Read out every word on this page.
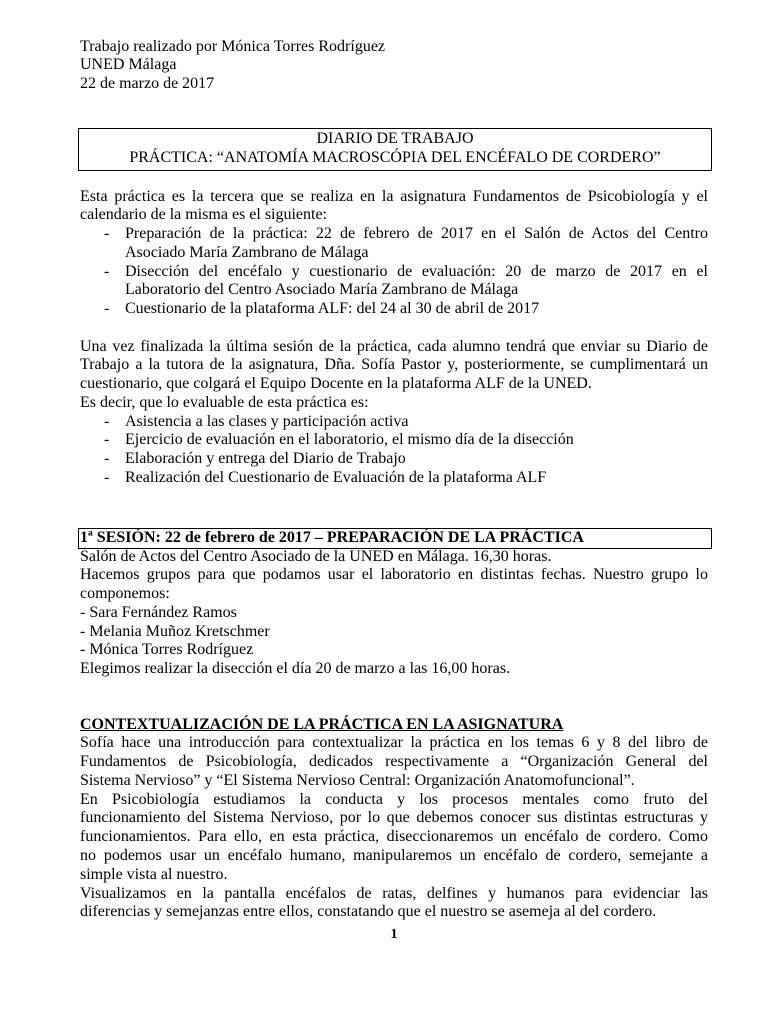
Trabajo realizado por Mónica Torres Rodríguez
UNED Málaga
22 de marzo de 2017
DIARIO DE TRABAJO
PRÁCTICA: “ANATOMÍA MACROSCÓPIA DEL ENCÉFALO DE CORDERO”
Esta práctica es la tercera que se realiza en la asignatura Fundamentos de Psicobiología y el
calendario de la misma es el siguiente:
- Preparación de la práctica: 22 de febrero de 2017 en el Salón de Actos del Centro
Asociado María Zambrano de Málaga
- Disección del encéfalo y cuestionario de evaluación: 20 de marzo de 2017 en el
Laboratorio del Centro Asociado María Zambrano de Málaga
- Cuestionario de la plataforma ALF: del 24 al 30 de abril de 2017
Una vez finalizada la última sesión de la práctica, cada alumno tendrá que enviar su Diario de
Trabajo a la tutora de la asignatura, Dña. Sofía Pastor y, posteriormente, se cumplimentará un
cuestionario, que colgará el Equipo Docente en la plataforma ALF de la UNED.
Es decir, que lo evaluable de esta práctica es:
- Asistencia a las clases y participación activa
- Ejercicio de evaluación en el laboratorio, el mismo día de la disección
- Elaboración y entrega del Diario de Trabajo
- Realización del Cuestionario de Evaluación de la plataforma ALF
1ª SESIÓN: 22 de febrero de 2017 – PREPARACIÓN DE LA PRÁCTICA
Salón de Actos del Centro Asociado de la UNED en Málaga. 16,30 horas.
Hacemos grupos para que podamos usar el laboratorio en distintas fechas. Nuestro grupo lo
componemos:
- Sara Fernández Ramos
- Melania Muñoz Kretschmer
- Mónica Torres Rodríguez
Elegimos realizar la disección el día 20 de marzo a las 16,00 horas.
CONTEXTUALIZACIÓN DE LA PRÁCTICA EN LA ASIGNATURA
Sofía hace una introducción para contextualizar la práctica en los temas 6 y 8 del libro de
Fundamentos de Psicobiología, dedicados respectivamente a “Organización General del
Sistema Nervioso” y “El Sistema Nervioso Central: Organización Anatomofuncional”.
En Psicobiología estudiamos la conducta y los procesos mentales como fruto del
funcionamiento del Sistema Nervioso, por lo que debemos conocer sus distintas estructuras y
funcionamientos. Para ello, en esta práctica, diseccionaremos un encéfalo de cordero. Como
no podemos usar un encéfalo humano, manipularemos un encéfalo de cordero, semejante a
simple vista al nuestro.
Visualizamos en la pantalla encéfalos de ratas, delfines y humanos para evidenciar las
diferencias y semejanzas entre ellos, constatando que el nuestro se asemeja al del cordero.
1
